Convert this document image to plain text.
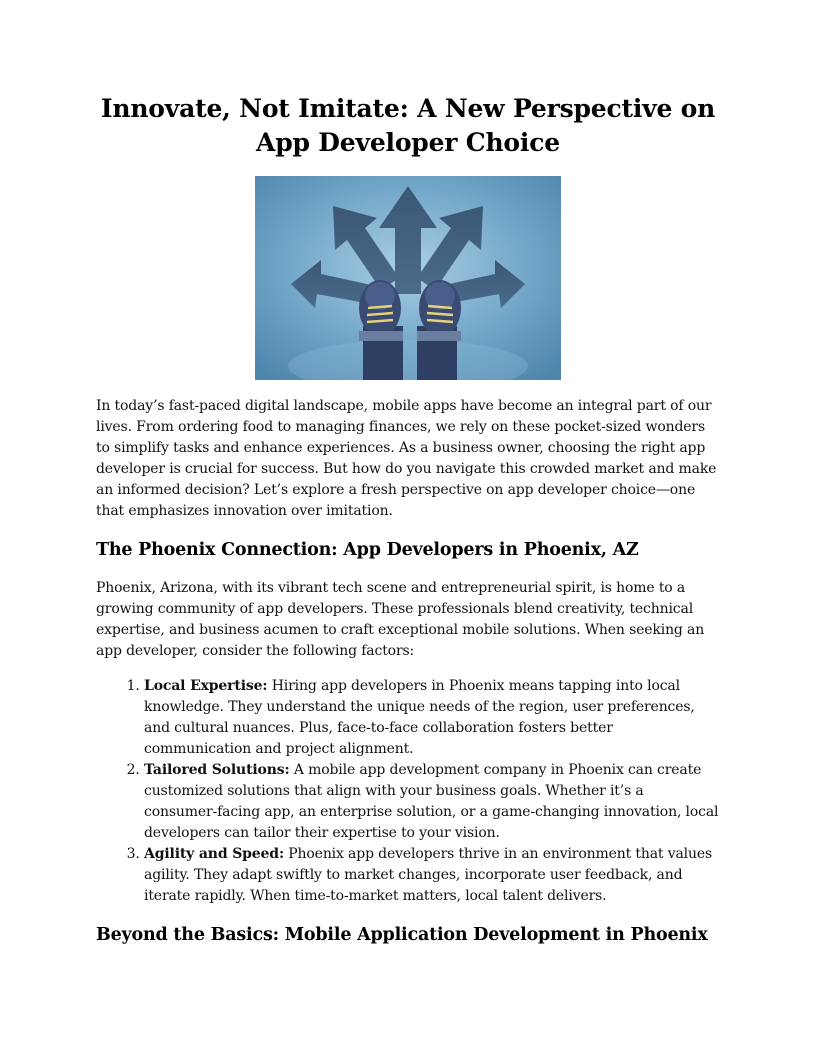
Innovate, Not Imitate: A New Perspective on App Developer Choice

In today’s fast-paced digital landscape, mobile apps have become an integral part of our lives. From ordering food to managing finances, we rely on these pocket-sized wonders to simplify tasks and enhance experiences. As a business owner, choosing the right app developer is crucial for success. But how do you navigate this crowded market and make an informed decision? Let’s explore a fresh perspective on app developer choice—one that emphasizes innovation over imitation.

The Phoenix Connection: App Developers in Phoenix, AZ

Phoenix, Arizona, with its vibrant tech scene and entrepreneurial spirit, is home to a growing community of app developers. These professionals blend creativity, technical expertise, and business acumen to craft exceptional mobile solutions. When seeking an app developer, consider the following factors:

1. Local Expertise: Hiring app developers in Phoenix means tapping into local knowledge. They understand the unique needs of the region, user preferences, and cultural nuances. Plus, face-to-face collaboration fosters better communication and project alignment.
2. Tailored Solutions: A mobile app development company in Phoenix can create customized solutions that align with your business goals. Whether it’s a consumer-facing app, an enterprise solution, or a game-changing innovation, local developers can tailor their expertise to your vision.
3. Agility and Speed: Phoenix app developers thrive in an environment that values agility. They adapt swiftly to market changes, incorporate user feedback, and iterate rapidly. When time-to-market matters, local talent delivers.
Beyond the Basics: Mobile Application Development in Phoenix
